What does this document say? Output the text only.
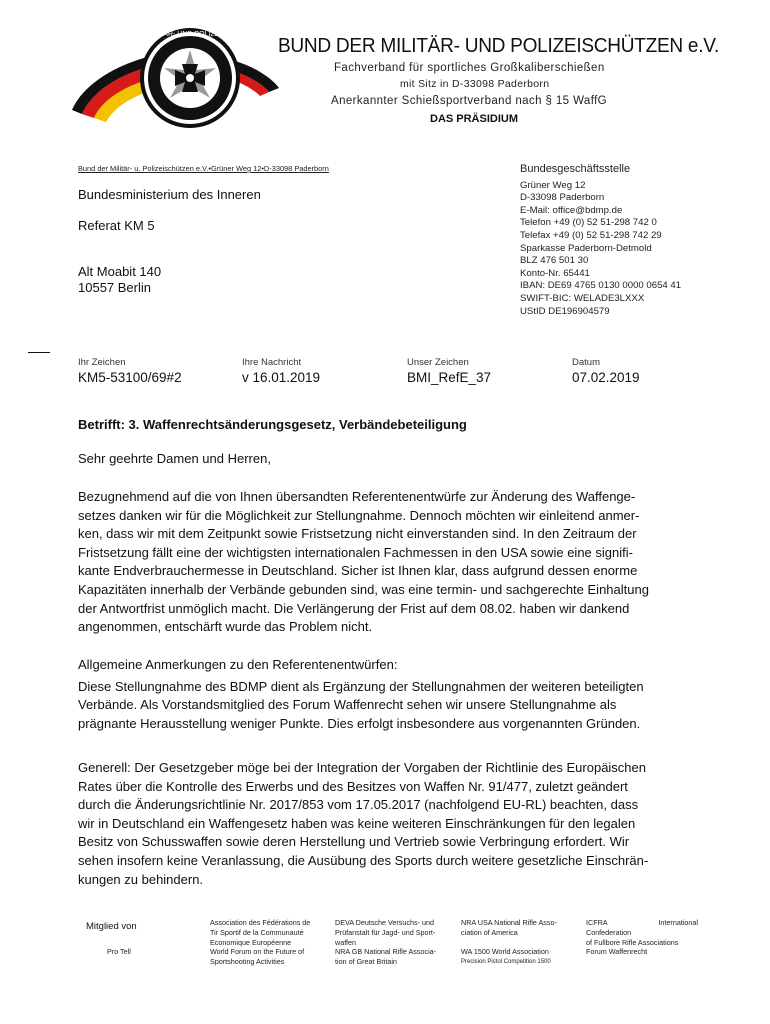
BUND DER MILITÄR- UND POLIZEISCHÜTZEN e.V. BUND DER MILITÄR- UND POLIZEISCHÜTZEN e.V.
Fachverband für sportliches Großkaliberschießen
mit Sitz in D-33098 Paderborn
Anerkannter Schießsportverband nach § 15 WaffG
DAS PRÄSIDIUM
Bund der Militär- u. Polizeischützen e.V.•Grüner Weg 12•D-33098 Paderborn
Bundesministerium des Inneren
Referat KM 5
Alt Moabit 140
10557 Berlin
Bundesgeschäftsstelle
Grüner Weg 12
D-33098 Paderborn
E-Mail: office@bdmp.de
Telefon +49 (0) 52 51-298 742 0
Telefax +49 (0) 52 51-298 742 29
Sparkasse Paderborn-Detmold
BLZ 476 501 30
Konto-Nr. 65441
IBAN: DE69 4765 0130 0000 0654 41
SWIFT-BIC: WELADE3LXXX
UStID DE196904579
Ihr Zeichen
KM5-53100/69#2
Ihre Nachricht
v 16.01.2019
Unser Zeichen
BMI_RefE_37
Datum
07.02.2019
Betrifft: 3. Waffenrechtsänderungsgesetz, Verbändebeteiligung
Sehr geehrte Damen und Herren,
Bezugnehmend auf die von Ihnen übersandten Referentenentwürfe zur Änderung des Waffenge-
setzes danken wir für die Möglichkeit zur Stellungnahme. Dennoch möchten wir einleitend anmer-
ken, dass wir mit dem Zeitpunkt sowie Fristsetzung nicht einverstanden sind. In den Zeitraum der
Fristsetzung fällt eine der wichtigsten internationalen Fachmessen in den USA sowie eine signifi-
kante Endverbrauchermesse in Deutschland. Sicher ist Ihnen klar, dass aufgrund dessen enorme
Kapazitäten innerhalb der Verbände gebunden sind, was eine termin- und sachgerechte Einhaltung
der Antwortfrist unmöglich macht. Die Verlängerung der Frist auf dem 08.02. haben wir dankend
angenommen, entschärft wurde das Problem nicht.
Allgemeine Anmerkungen zu den Referentenentwürfen:
Diese Stellungnahme des BDMP dient als Ergänzung der Stellungnahmen der weiteren beteiligten
Verbände. Als Vorstandsmitglied des Forum Waffenrecht sehen wir unsere Stellungnahme als
prägnante Herausstellung weniger Punkte. Dies erfolgt insbesondere aus vorgenannten Gründen.
Generell: Der Gesetzgeber möge bei der Integration der Vorgaben der Richtlinie des Europäischen
Rates über die Kontrolle des Erwerbs und des Besitzes von Waffen Nr. 91/477, zuletzt geändert
durch die Änderungsrichtlinie Nr. 2017/853 vom 17.05.2017 (nachfolgend EU-RL) beachten, dass
wir in Deutschland ein Waffengesetz haben was keine weiteren Einschränkungen für den legalen
Besitz von Schusswaffen sowie deren Herstellung und Vertrieb sowie Verbringung erfordert. Wir
sehen insofern keine Veranlassung, die Ausübung des Sports durch weitere gesetzliche Einschrän-
kungen zu behindern.
Mitglied von
Pro Tell
Association des Fédérations de
Tir Sportif de la Communauté
Economique Européenne
World Forum on the Future of
Sportshooting Activities
DEVA Deutsche Versuchs- und
Prüfanstalt für Jagd- und Sport-
waffen
NRA GB National Rifle Associa-
tion of Great Britain
NRA USA National Rifle Asso-
ciation of America
WA 1500 World Association
Precision Pistol Competition 1500
ICFRA	International
Confederation
of Fullbore Rifle Associations
Forum Waffenrecht
